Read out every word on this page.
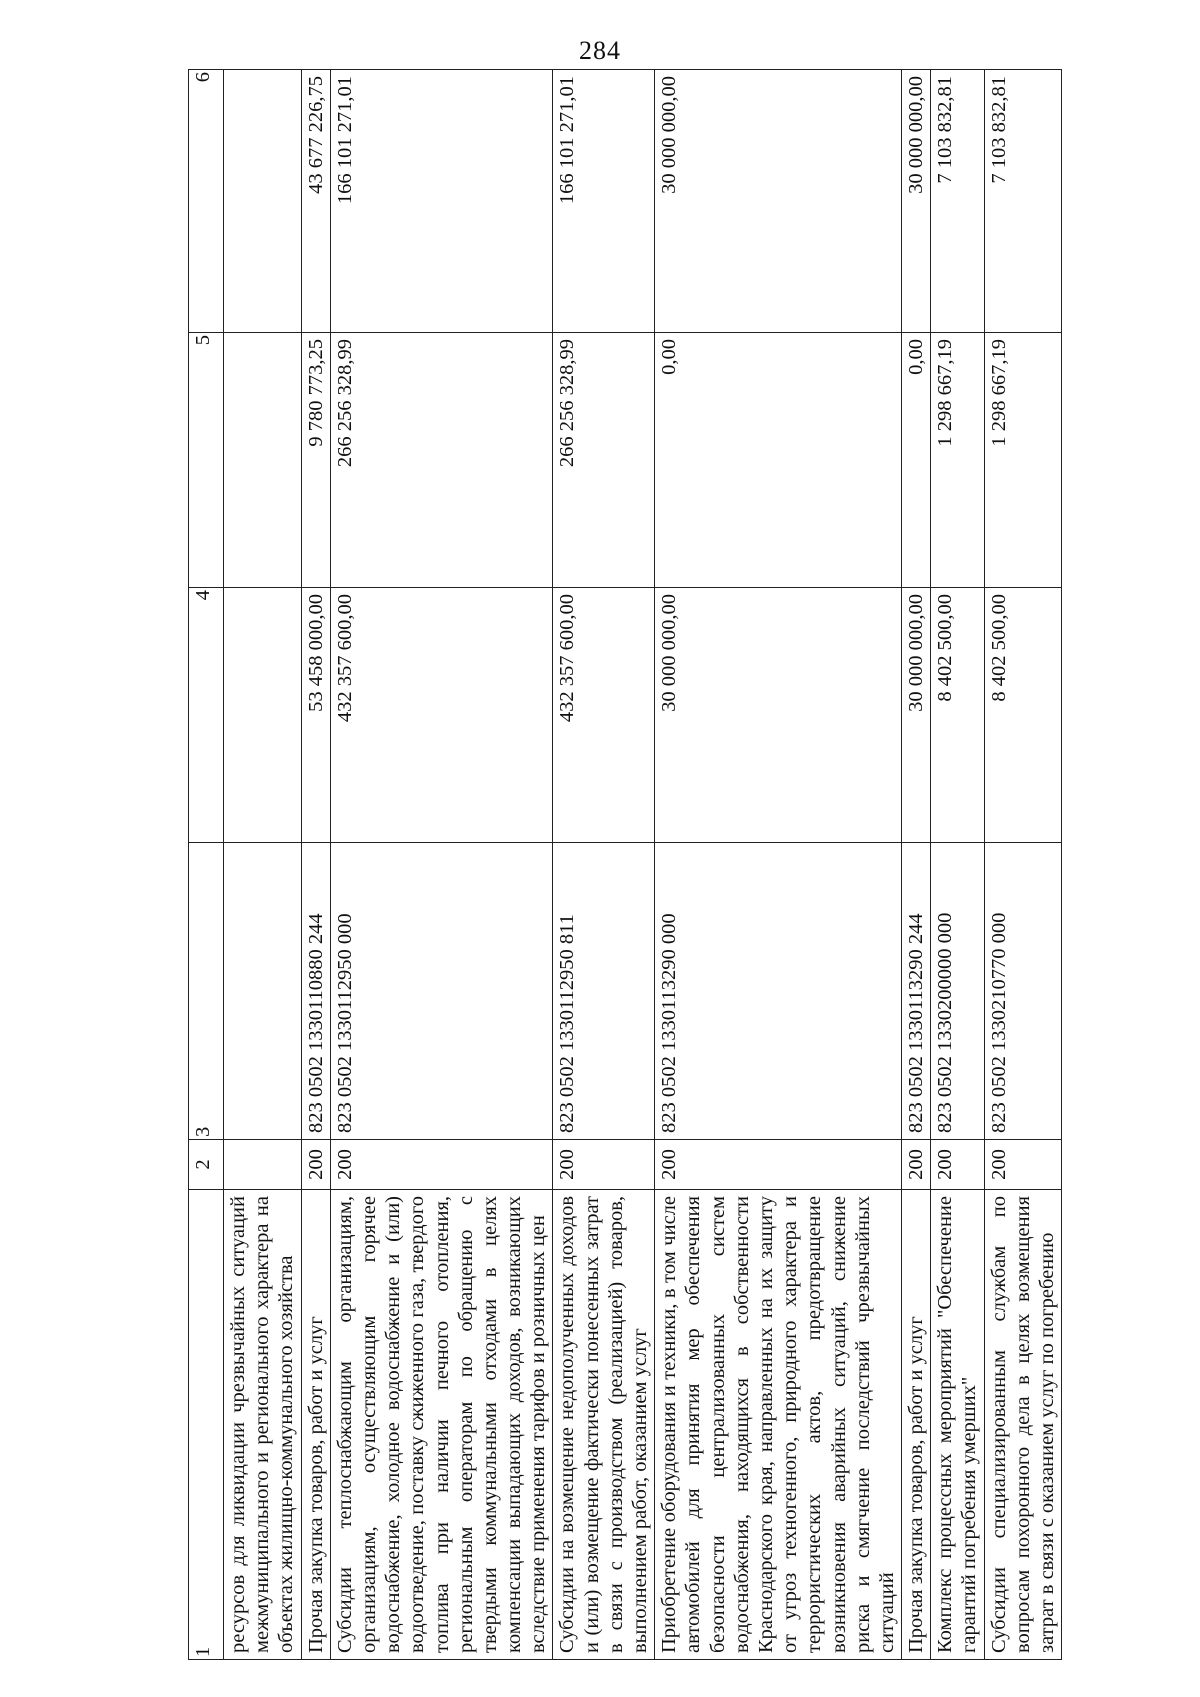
284
1	2	3	4	5	6
ресурсов для ликвидации чрезвычайных ситуаций межмуниципального и регионального характера на объектах жилищно-коммунального хозяйства					
Прочая закупка товаров, работ и услуг	200	823 0502 1330110880 244	53 458 000,00	9 780 773,25	43 677 226,75
Субсидии теплоснабжающим организациям, организациям, осуществляющим горячее водоснабжение, холодное водоснабжение и (или) водоотведение, поставку сжиженного газа, твердого топлива при наличии печного отопления, региональным операторам по обращению с твердыми коммунальными отходами в целях компенсации выпадающих доходов, возникающих вследствие применения тарифов и розничных цен	200	823 0502 1330112950 000	432 357 600,00	266 256 328,99	166 101 271,01
Субсидии на возмещение недополученных доходов и (или) возмещение фактически понесенных затрат в связи с производством (реализацией) товаров, выполнением работ, оказанием услуг	200	823 0502 1330112950 811	432 357 600,00	266 256 328,99	166 101 271,01
Приобретение оборудования и техники, в том числе автомобилей для принятия мер обеспечения безопасности централизованных систем водоснабжения, находящихся в собственности Краснодарского края, направленных на их защиту от угроз техногенного, природного характера и террористических актов, предотвращение возникновения аварийных ситуаций, снижение риска и смягчение последствий чрезвычайных ситуаций	200	823 0502 1330113290 000	30 000 000,00	0,00	30 000 000,00
Прочая закупка товаров, работ и услуг	200	823 0502 1330113290 244	30 000 000,00	0,00	30 000 000,00
Комплекс процессных мероприятий "Обеспечение гарантий погребения умерших"	200	823 0502 1330200000 000	8 402 500,00	1 298 667,19	7 103 832,81
Субсидии специализированным службам по вопросам похоронного дела в целях возмещения затрат в связи с оказанием услуг по погребению	200	823 0502 1330210770 000	8 402 500,00	1 298 667,19	7 103 832,81
